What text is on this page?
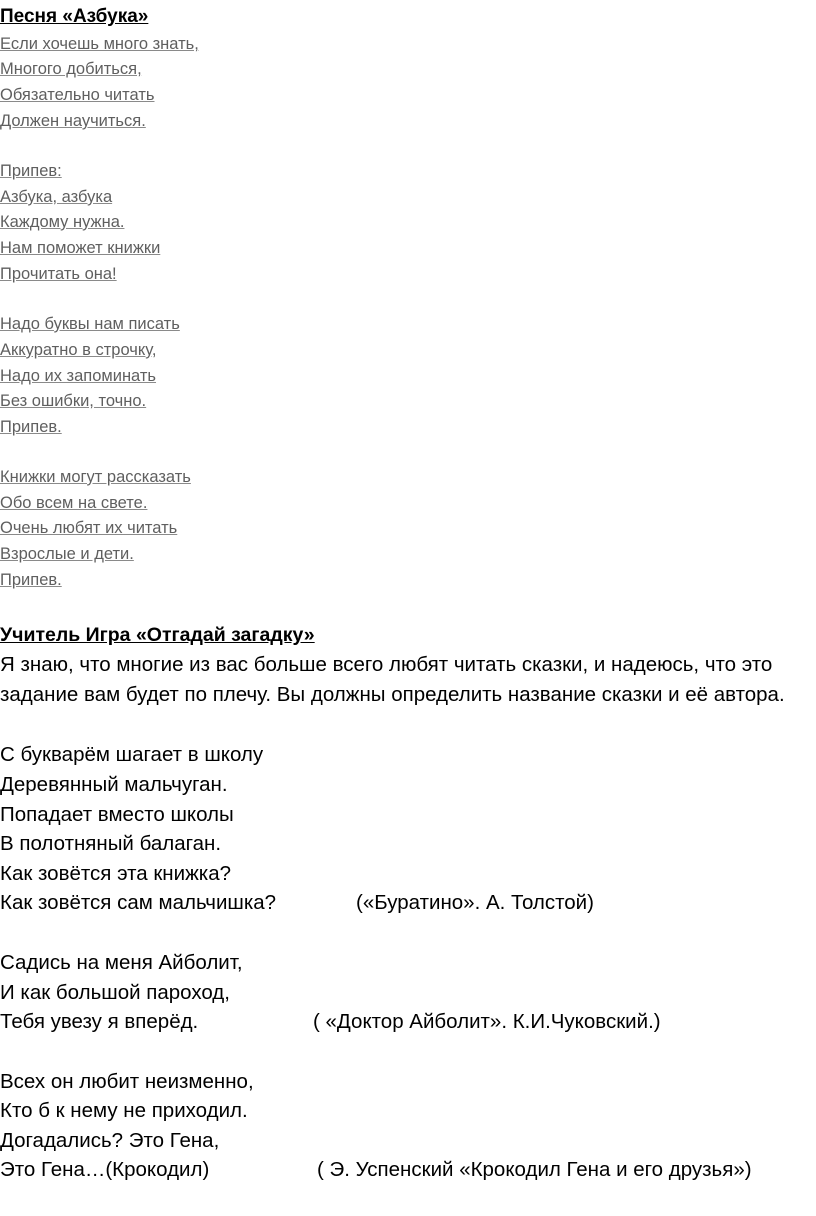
Песня «Азбука»
Если хочешь много знать,
Многого добиться,
Обязательно читать
Должен научиться.
Припев:
Азбука, азбука
Каждому нужна.
Нам поможет книжки
Прочитать она!
Надо буквы нам писать
Аккуратно в строчку,
Надо их запоминать
Без ошибки, точно.
Припев.
Книжки могут рассказать
Обо всем на свете.
Очень любят их читать
Взрослые и дети.
Припев.
Учитель Игра «Отгадай загадку»
Я знаю, что многие из вас больше всего любят читать сказки, и надеюсь, что это задание вам будет по плечу. Вы должны определить название сказки и её автора.
С букварём шагает в школу
Деревянный мальчуган.
Попадает вместо школы
В полотняный балаган.
Как зовётся эта книжка?
Как зовётся сам мальчишка?	(«Буратино». А. Толстой)
Садись на меня Айболит,
И как большой пароход,
Тебя увезу я вперёд.	( «Доктор Айболит». К.И.Чуковский.)
Всех он любит неизменно,
Кто б к нему не приходил.
Догадались? Это Гена,
Это Гена…(Крокодил)	( Э. Успенский «Крокодил Гена и его друзья»)
